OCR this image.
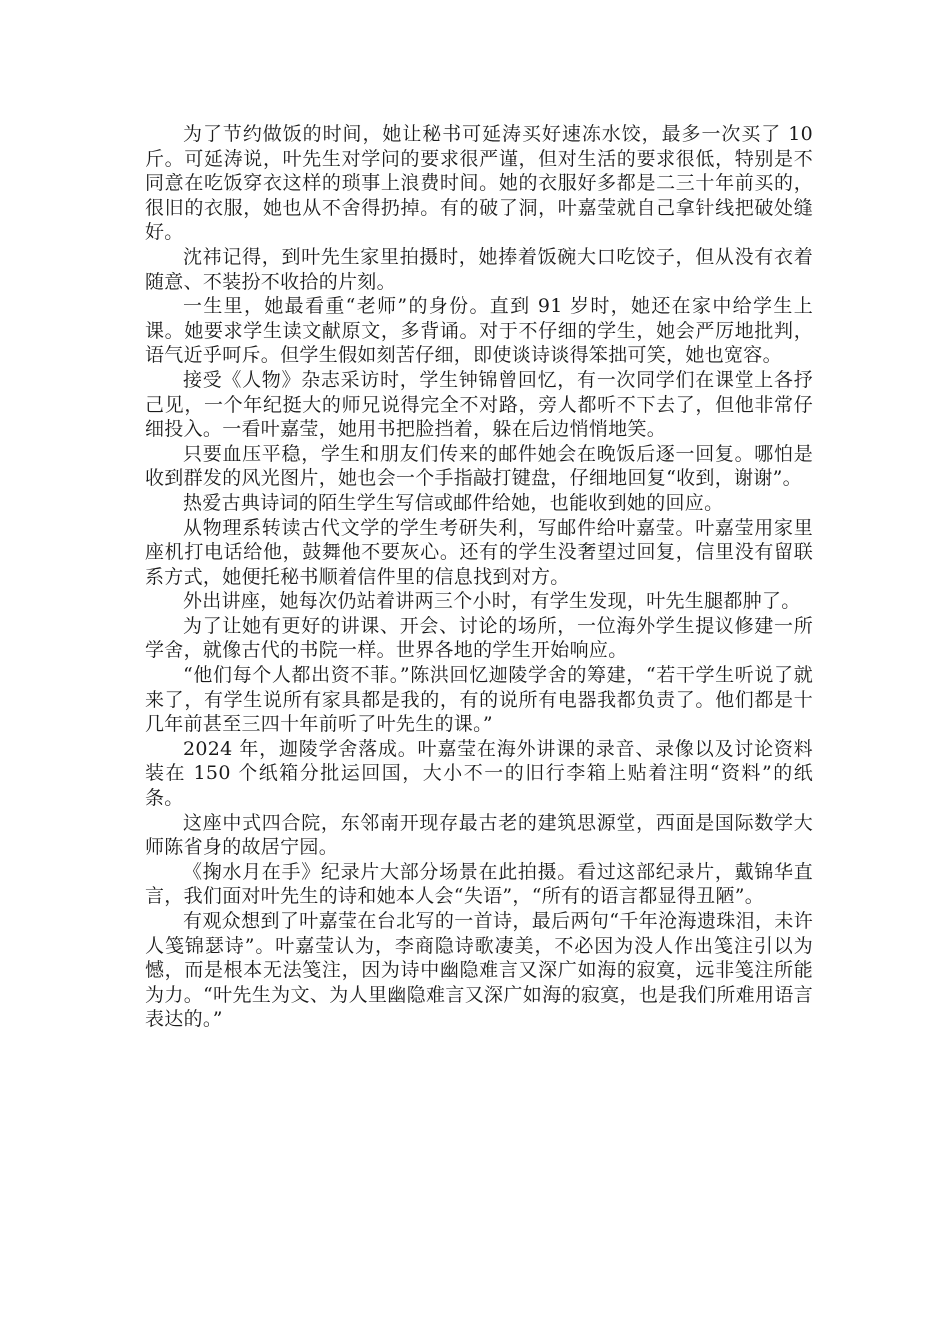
为了节约做饭的时间，她让秘书可延涛买好速冻水饺，最多一次买了 10 斤。可延涛说，叶先生对学问的要求很严谨，但对生活的要求很低，特别是不同意在吃饭穿衣这样的琐事上浪费时间。她的衣服好多都是二三十年前买的，很旧的衣服，她也从不舍得扔掉。有的破了洞，叶嘉莹就自己拿针线把破处缝好。

沈祎记得，到叶先生家里拍摄时，她捧着饭碗大口吃饺子，但从没有衣着随意、不装扮不收拾的片刻。

一生里，她最看重“老师”的身份。直到 91 岁时，她还在家中给学生上课。她要求学生读文献原文，多背诵。对于不仔细的学生，她会严厉地批判，语气近乎呵斥。但学生假如刻苦仔细，即使谈诗谈得笨拙可笑，她也宽容。

接受《人物》杂志采访时，学生钟锦曾回忆，有一次同学们在课堂上各抒己见，一个年纪挺大的师兄说得完全不对路，旁人都听不下去了，但他非常仔细投入。一看叶嘉莹，她用书把脸挡着，躲在后边悄悄地笑。

只要血压平稳，学生和朋友们传来的邮件她会在晚饭后逐一回复。哪怕是收到群发的风光图片，她也会一个手指敲打键盘，仔细地回复“收到，谢谢”。

热爱古典诗词的陌生学生写信或邮件给她，也能收到她的回应。

从物理系转读古代文学的学生考研失利，写邮件给叶嘉莹。叶嘉莹用家里座机打电话给他，鼓舞他不要灰心。还有的学生没奢望过回复，信里没有留联系方式，她便托秘书顺着信件里的信息找到对方。

外出讲座，她每次仍站着讲两三个小时，有学生发现，叶先生腿都肿了。

为了让她有更好的讲课、开会、讨论的场所，一位海外学生提议修建一所学舍，就像古代的书院一样。世界各地的学生开始响应。

“他们每个人都出资不菲。”陈洪回忆迦陵学舍的筹建，“若干学生听说了就来了，有学生说所有家具都是我的，有的说所有电器我都负责了。他们都是十几年前甚至三四十年前听了叶先生的课。”

2024 年，迦陵学舍落成。叶嘉莹在海外讲课的录音、录像以及讨论资料装在 150 个纸箱分批运回国，大小不一的旧行李箱上贴着注明“资料”的纸条。

这座中式四合院，东邻南开现存最古老的建筑思源堂，西面是国际数学大师陈省身的故居宁园。

《掬水月在手》纪录片大部分场景在此拍摄。看过这部纪录片，戴锦华直言，我们面对叶先生的诗和她本人会“失语”，“所有的语言都显得丑陋”。

有观众想到了叶嘉莹在台北写的一首诗，最后两句“千年沧海遗珠泪，未许人笺锦瑟诗”。叶嘉莹认为，李商隐诗歌凄美，不必因为没人作出笺注引以为憾，而是根本无法笺注，因为诗中幽隐难言又深广如海的寂寞，远非笺注所能为力。“叶先生为文、为人里幽隐难言又深广如海的寂寞，也是我们所难用语言表达的。”
